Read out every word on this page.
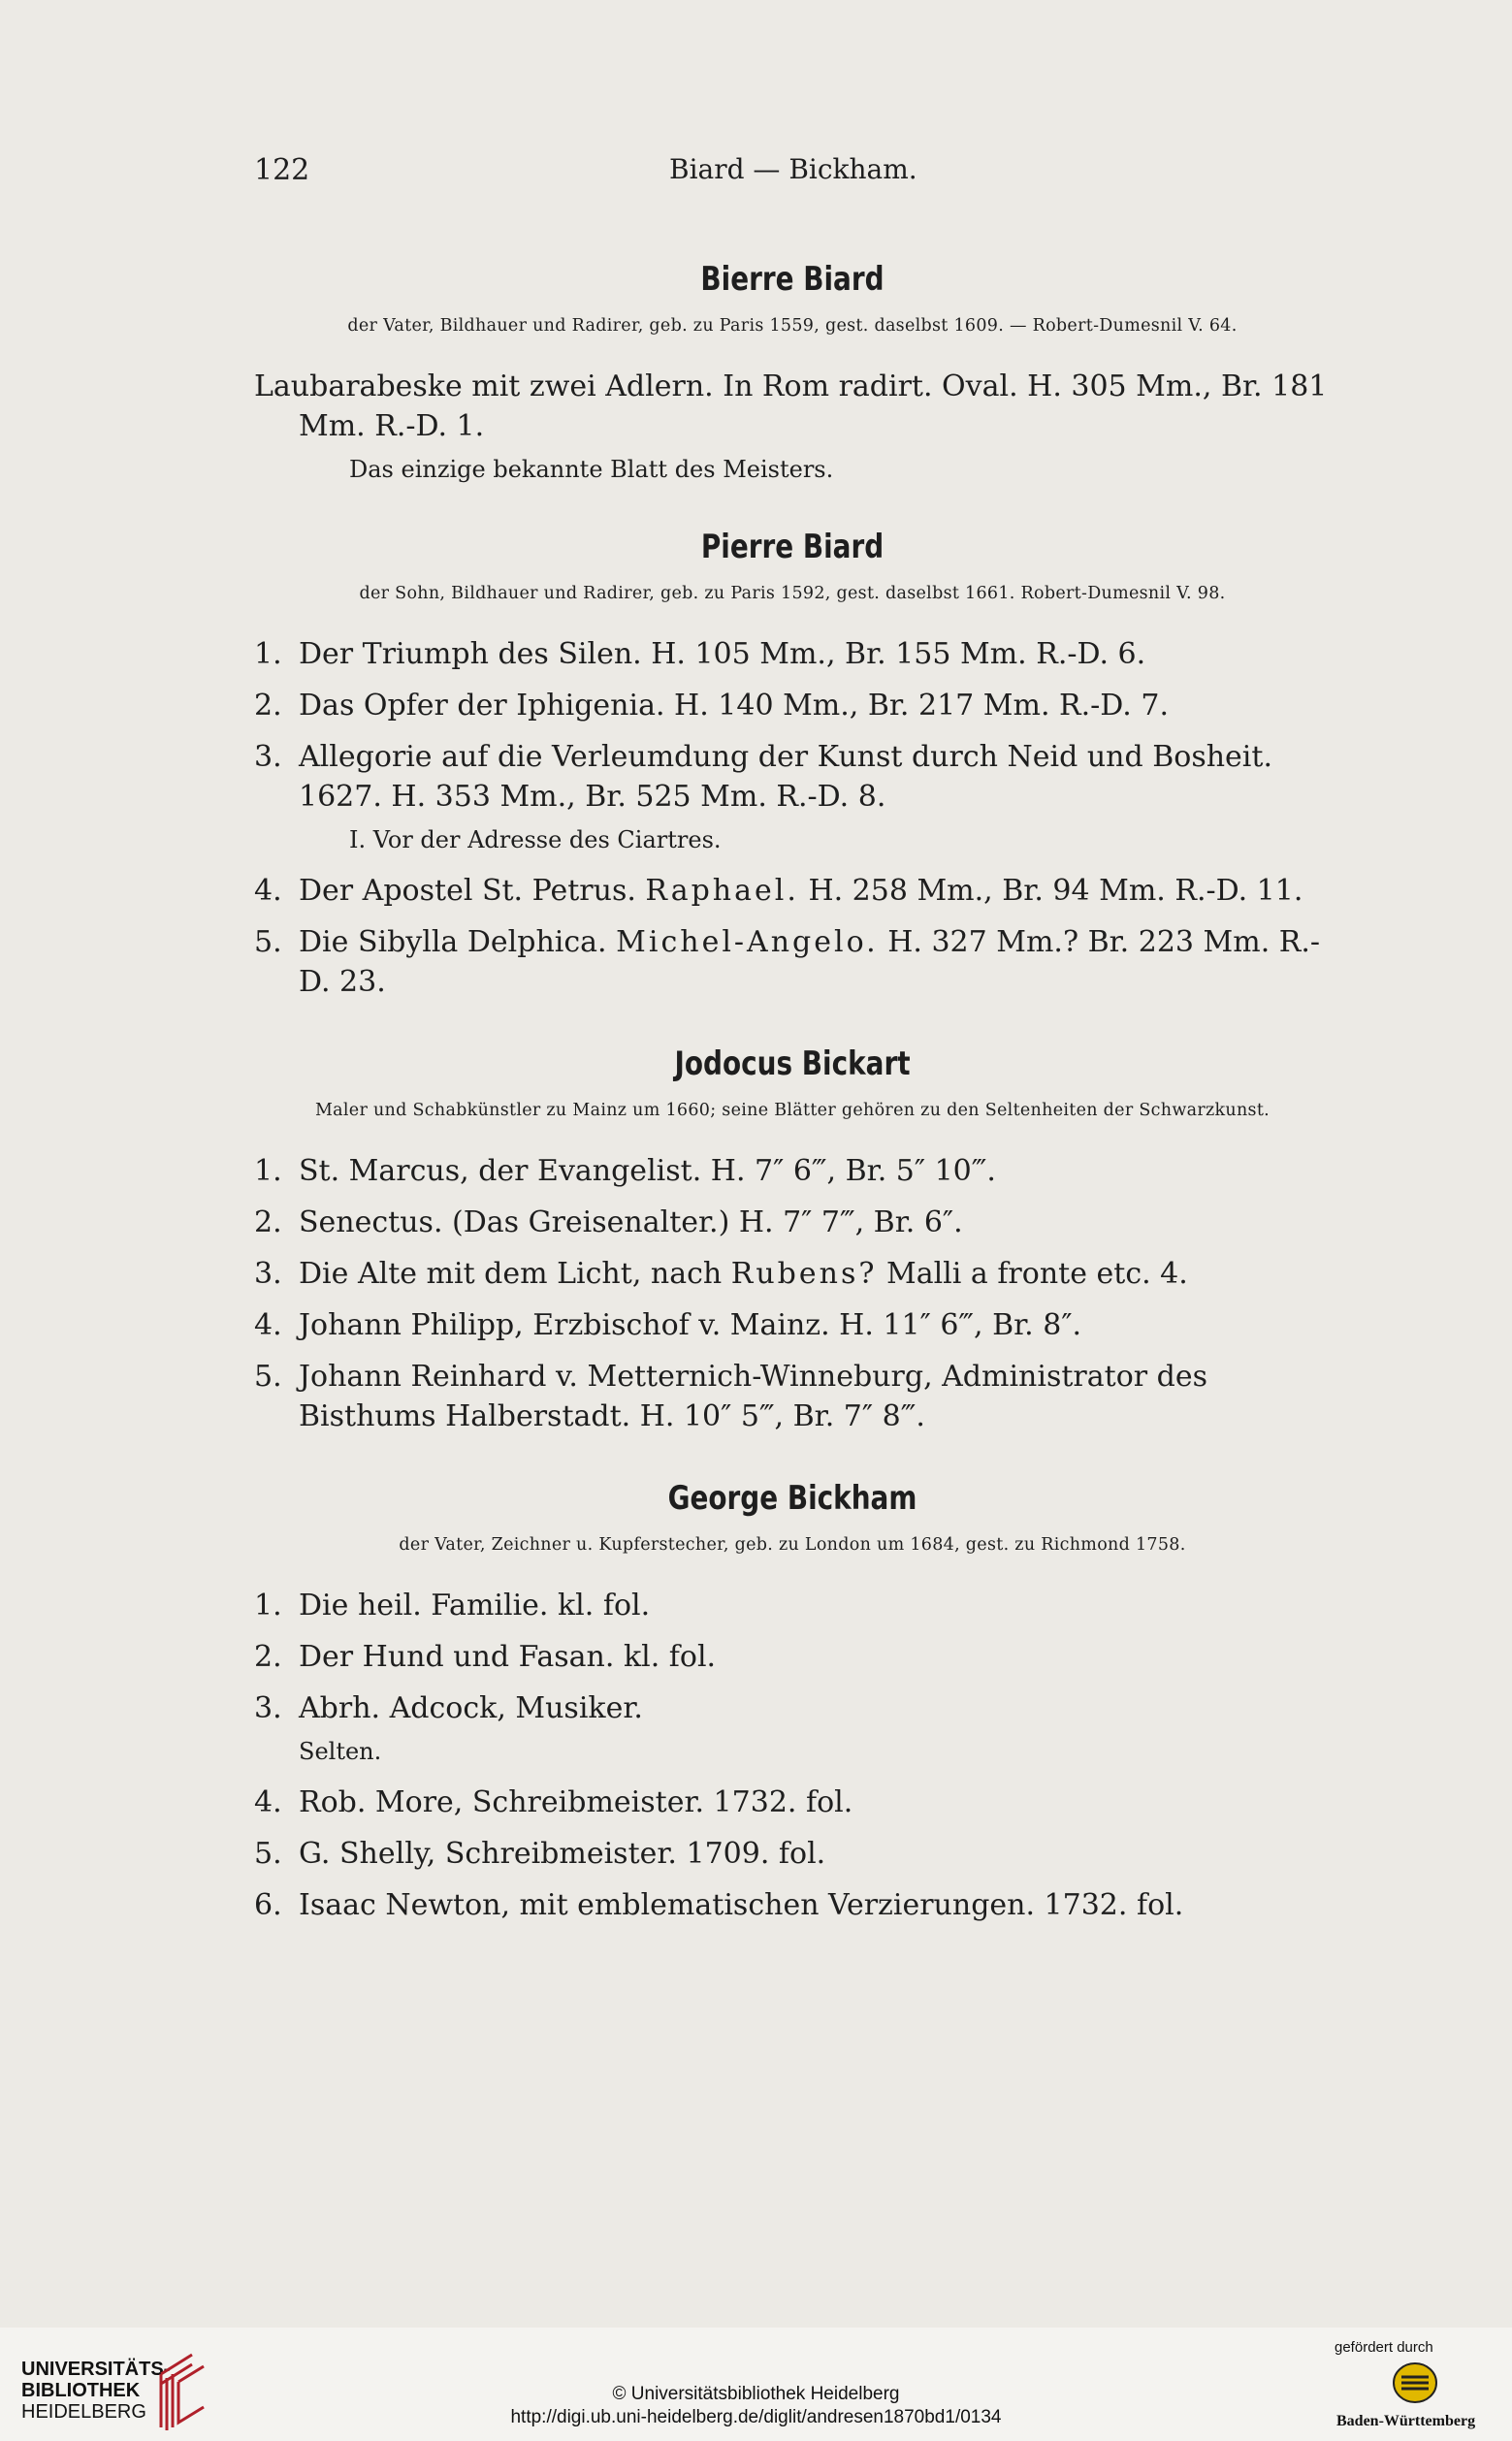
122	Biard — Bickham.
Bierre Biard
der Vater, Bildhauer und Radirer, geb. zu Paris 1559, gest. daselbst 1609. — Robert-Dumesnil V. 64.
Laubarabeske mit zwei Adlern. In Rom radirt. Oval. H. 305 Mm., Br. 181 Mm. R.-D. 1.
Das einzige bekannte Blatt des Meisters.
Pierre Biard
der Sohn, Bildhauer und Radirer, geb. zu Paris 1592, gest. daselbst 1661. Robert-Dumesnil V. 98.
1. Der Triumph des Silen. H. 105 Mm., Br. 155 Mm. R.-D. 6.
2. Das Opfer der Iphigenia. H. 140 Mm., Br. 217 Mm. R.-D. 7.
3. Allegorie auf die Verleumdung der Kunst durch Neid und Bosheit. 1627. H. 353 Mm., Br. 525 Mm. R.-D. 8.
I. Vor der Adresse des Ciartres.
4. Der Apostel St. Petrus. Raphael. H. 258 Mm., Br. 94 Mm. R.-D. 11.
5. Die Sibylla Delphica. Michel-Angelo. H. 327 Mm.? Br. 223 Mm. R.-D. 23.
Jodocus Bickart
Maler und Schabkünstler zu Mainz um 1660; seine Blätter gehören zu den Seltenheiten der Schwarzkunst.
1. St. Marcus, der Evangelist. H. 7″ 6‴, Br. 5″ 10‴.
2. Senectus. (Das Greisenalter.) H. 7″ 7‴, Br. 6″.
3. Die Alte mit dem Licht, nach Rubens? Malli a fronte etc. 4.
4. Johann Philipp, Erzbischof v. Mainz. H. 11″ 6‴, Br. 8″.
5. Johann Reinhard v. Metternich-Winneburg, Administrator des Bisthums Halberstadt. H. 10″ 5‴, Br. 7″ 8‴.
George Bickham
der Vater, Zeichner u. Kupferstecher, geb. zu London um 1684, gest. zu Richmond 1758.
1. Die heil. Familie. kl. fol.
2. Der Hund und Fasan. kl. fol.
3. Abrh. Adcock, Musiker.
Selten.
4. Rob. More, Schreibmeister. 1732. fol.
5. G. Shelly, Schreibmeister. 1709. fol.
6. Isaac Newton, mit emblematischen Verzierungen. 1732. fol.
UNIVERSITÄTS-
BIBLIOTHEK
HEIDELBERG
© Universitätsbibliothek Heidelberg
http://digi.ub.uni-heidelberg.de/diglit/andresen1870bd1/0134
gefördert durch
Baden-Württemberg
